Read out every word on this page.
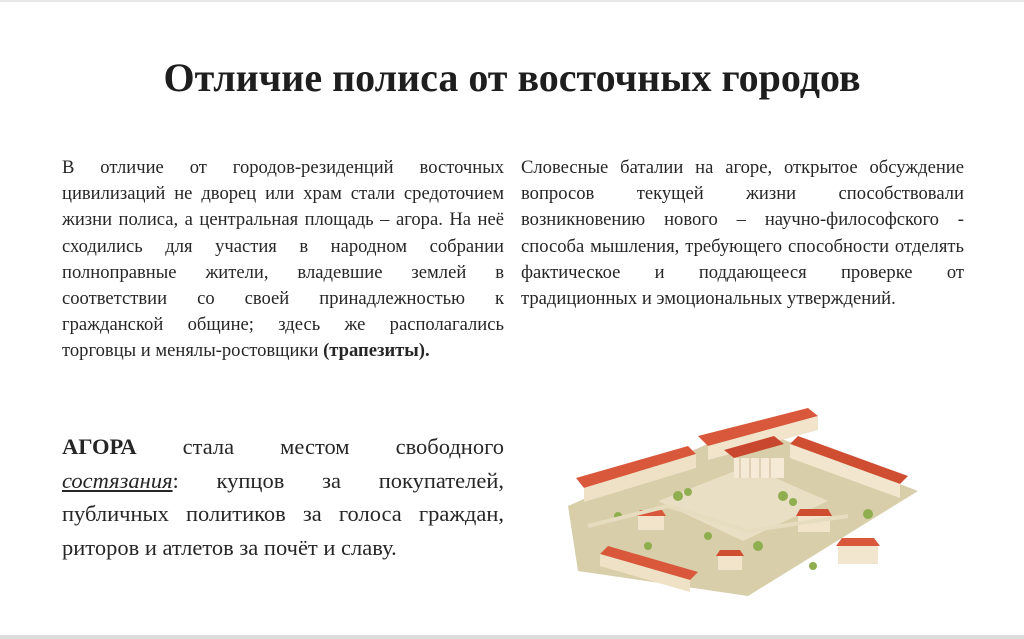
Отличие полиса от восточных городов

В отличие от городов-резиденций восточных цивилизаций не дворец или храм стали средоточием жизни полиса, а центральная площадь – агора. На неё сходились для участия в народном собрании полноправные жители, владевшие землей в соответствии со своей принадлежностью к гражданской общине; здесь же располагались торговцы и менялы-ростовщики (трапезиты).

АГОРА стала местом свободного состязания: купцов за покупателей, публичных политиков за голоса граждан, риторов и атлетов за почёт и славу.

Словесные баталии на агоре, открытое обсуждение вопросов текущей жизни способствовали возникновению нового – научно-философского - способа мышления, требующего способности отделять фактическое и поддающееся проверке от традиционных и эмоциональных утверждений.
